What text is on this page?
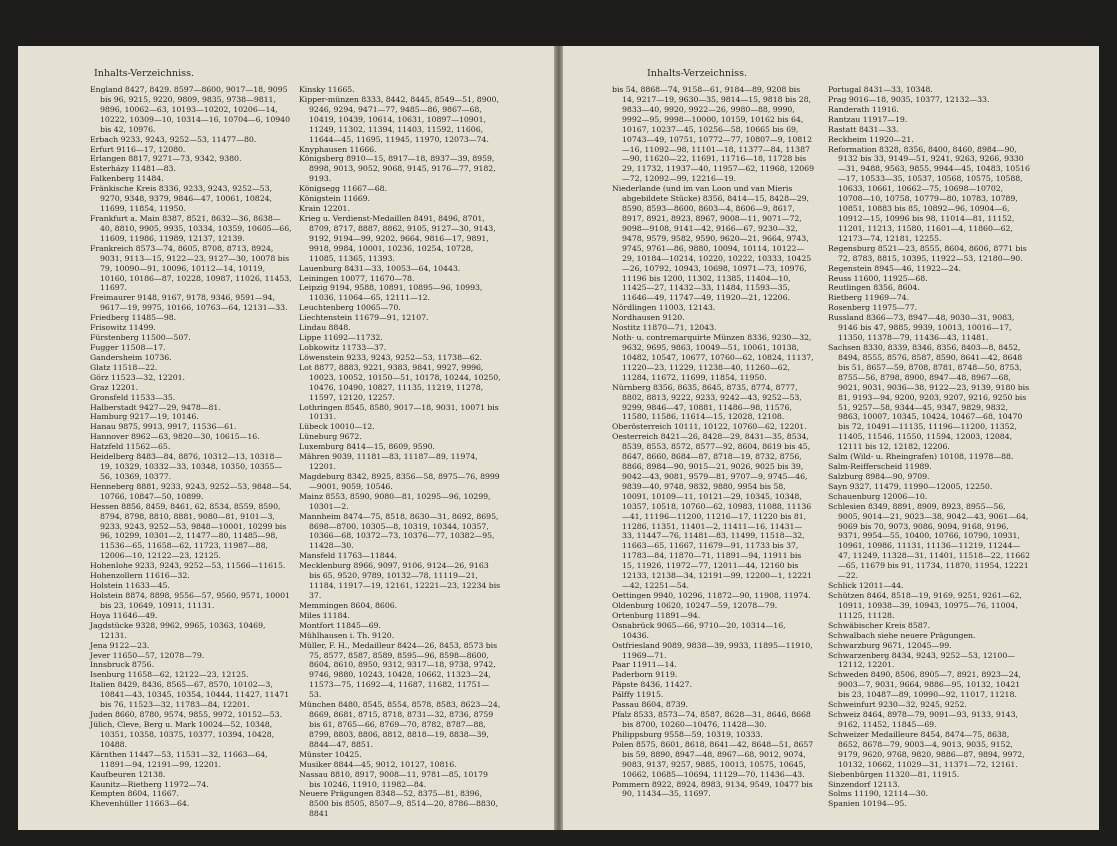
Inhalts-Verzeichniss.

England 8427, 8429. 8597—8600, 9017—18, 9095 bis 96, 9215, 9220, 9809, 9835, 9738—9811, 9896, 10062—63, 10193—10202, 10206—14, 10222, 10309—10, 10314—16, 10704—6, 10940 bis 42, 10976.

Erbach 9233, 9243, 9252—53, 11477—80.

Erfurt 9116—17, 12080.

Erlangen 8817, 9271—73, 9342, 9380.

Esterházy 11481—83.

Falkenberg 11484.

Fränkische Kreis 8336, 9233, 9243, 9252—53, 9270, 9348, 9379, 9846—47, 10061, 10824, 11699, 11854, 11950.

Frankfurt a. Main 8387, 8521, 8632—36, 8638—40, 8810, 9905, 9935, 10334, 10359, 10605—66, 11609, 11986, 11989, 12137, 12139.

Frankreich 8573—74, 8605, 8708, 8713, 8924, 9031, 9113—15, 9122—23, 9127—30, 10078 bis 79, 10090—91, 10096, 10112—14, 10119, 10160, 10186—87, 10228, 10987, 11026, 11453, 11697.

Freimaurer 9148, 9167, 9178, 9346, 9591—94, 9617—19, 9975, 10166, 10763—64, 12131—33.

Friedberg 11485—98.

Frisowitz 11499.

Fürstenberg 11500—507.

Fugger 11508—17.

Gandersheim 10736.

Glatz 11518—22.

Görz 11523—32, 12201.

Graz 12201.

Gronsfeld 11533—35.

Halberstadt 9427—29, 9478—81.

Hamburg 9217—19, 10146.

Hanau 9875, 9913, 9917, 11536—61.

Hannover 8962—63, 9820—30, 10615—16.

Hatzfeld 11562—65.

Heidelberg 8483—84, 8876, 10312—13, 10318—19, 10329, 10332—33, 10348, 10350, 10355—56, 10369, 10377.

Henneberg 8881, 9233, 9243, 9252—53, 9848—54, 10766, 10847—50, 10899.

Hessen 8856, 8459, 8461, 62, 8534, 8559, 8590, 8794, 8798, 8810, 8881, 9080—81, 9101—3, 9233, 9243, 9252—53, 9848—10001, 10299 bis 96, 10299, 10301—2, 11477—80, 11485—98, 11536—65, 11658—62, 11723, 11987—88, 12006—10, 12122—23, 12125.

Hohenlohe 9233, 9243, 9252—53, 11566—11615.

Hohenzollern 11616—32.

Holstein 11633—45.

Holstein 8874, 8898, 9556—57, 9560, 9571, 10001 bis 23, 10649, 10911, 11131.

Hoya 11646—49.

Jagdstücke 9328, 9962, 9965, 10363, 10469, 12131.

Jena 9122—23.

Jever 11650—57, 12078—79.

Innsbruck 8756.

Isenburg 11658—62, 12122—23, 12125.

Italien 8429, 8436, 8565—67, 8570, 10102—3, 10841—43, 10345, 10354, 10444, 11427, 11471 bis 76, 11523—32, 11783—84, 12201.

Juden 8660, 8780, 9574, 9855, 9972, 10152—53.

Jülich, Cleve, Berg u. Mark 10024—52, 10348, 10351, 10358, 10375, 10377, 10394, 10428, 10488.

Kärnthen 11447—53, 11531—32, 11663—64, 11891—94, 12191—99, 12201.

Kaufbeuren 12138.

Kaunitz—Rietberg 11972—74.

Kempten 8604, 11667.

Khevenhüller 11663—64.

Kinsky 11665.

Kipper-münzen 8333, 8442, 8445, 8549—51, 8900, 9246, 9294, 9471—77, 9485—86, 9867—68, 10419, 10439, 10614, 10631, 10897—10901, 11249, 11302, 11394, 11403, 11592, 11606, 11644—45, 11695, 11945, 11970, 12073—74.

Knyphausen 11666.

Königsberg 8910—15, 8917—18, 8937—39, 8959, 8998, 9013, 9052, 9068, 9145, 9176—77, 9182, 9193.

Königsegg 11667—68.

Königstein 11669.

Krain 12201.

Krieg u. Verdienst-Medaillen 8491, 8496, 8701, 8709, 8717, 8887, 8862, 9105, 9127—30, 9143, 9192, 9194—99, 9202, 9664, 9816—17, 9891, 9918, 9984, 10001, 10236, 10254, 10728, 11085, 11365, 11393.

Lauenburg 8431—33, 10053—64, 10443.

Leiningen 10077, 11670—78.

Leipzig 9194, 9588, 10891, 10895—96, 10993, 11036, 11064—65, 12111—12.

Leuchtenberg 10065—70.

Liechtenstein 11679—91, 12107.

Lindau 8848.

Lippe 11692—11732.

Lobkowitz 11733—37.

Löwenstein 9233, 9243, 9252—53, 11738—62.

Lot 8877, 8883, 9221, 9383, 9841, 9927, 9996, 10023, 10052, 10150—51, 10178, 10244, 10250, 10476, 10490, 10827, 11135, 11219, 11278, 11597, 12120, 12257.

Lothringen 8545, 8580, 9017—18, 9031, 10071 bis 10131.

Lübeck 10010—12.

Lüneburg 9672.

Luxemburg 8414—15, 8609, 9590.

Mähren 9039, 11181—83, 11187—89, 11974, 12201.

Magdeburg 8342, 8925, 8356—58, 8975—76, 8999—9001, 9059, 10546.

Mainz 8553, 8590, 9080—81, 10295—96, 10299, 10301—2.

Mannheim 8474—75, 8518, 8630—31, 8692, 8695, 8698—8700, 10305—8, 10319, 10344, 10357, 10366—68, 10372—73, 10376—77, 10382—95, 11428—30.

Mansfeld 11763—11844.

Mecklenburg 8966, 9097, 9106, 9124—26, 9163 bis 65, 9520, 9789, 10132—78, 11119—21, 11184, 11917—19, 12161, 12221—23, 12234 bis 37.

Memmingen 8604, 8606.

Miles 11184.

Montfort 11845—69.

Mühlhausen i. Th. 9120.

Müller, F. H., Medailleur 8424—26, 8453, 8573 bis 75, 8577, 8587, 8589, 8595—96, 8598—8600, 8604, 8610, 8950, 9312, 9317—18, 9738, 9742, 9746, 9880, 10243, 10428, 10662, 11323—24, 11573—75, 11692—4, 11687, 11682, 11751—53.

München 8480, 8545, 8554, 8578, 8583, 8623—24, 8669, 8681, 8715, 8718, 8731—32, 8736, 8759 bis 61, 8765—66, 8769—70, 8782, 8787—88, 8799, 8803, 8806, 8812, 8818—19, 8838—39, 8844—47, 8851.

Münster 10425.

Musiker 8844—45, 9012, 10127, 10816.

Nassau 8810, 8917, 9008—11, 9781—85, 10179 bis 10246, 11910, 11982—84.

Neuere Prägungen 8348—52, 8375—81, 8396, 8500 bis 8505, 8507—9, 8514—20, 8786—8830, 8841

Inhalts-Verzeichniss.

bis 54, 8868—74, 9158—61, 9184—89, 9208 bis 14, 9217—19, 9630—35, 9814—15, 9818 bis 28, 9833—40, 9920, 9922—26, 9980—88, 9990, 9992—95, 9998—10000, 10159, 10162 bis 64, 10167, 10237—45, 10256—58, 10665 bis 69, 10743—49, 10751, 10772—77, 10807—9, 10812—16, 11092—98, 11101—18, 11377—84, 11387—90, 11620—22, 11691, 11716—18, 11728 bis 29, 11732, 11937—40, 11957—62, 11968, 12069—72, 12092—99, 12216—19.

Niederlande (und im van Loon und van Mieris abgebildete Stücke) 8356, 8414—15, 8428—29, 8590, 8593—8600, 8603—4, 8606—9, 8617, 8917, 8921, 8923, 8967, 9008—11, 9071—72, 9098—9108, 9141—42, 9166—67, 9230—32, 9478, 9579, 9582, 9590, 9620—21, 9664, 9743, 9745, 9761—86, 9880, 10094, 10114, 10122—29, 10184—10214, 10220, 10222, 10333, 10425—26, 10792, 10943, 10698, 10971—73, 10976, 11196 bis 1200, 11302, 11385, 11404—10, 11425—27, 11432—33, 11484, 11593—35, 11646—49, 11747—49, 11920—21, 12206.

Nördlingen 11003, 12143.

Nordhausen 9120.

Nostitz 11870—71, 12043.

Noth- u. contremarquirte Münzen 8336, 9230—32, 9632, 9695, 9863, 10049—51, 10061, 10138, 10482, 10547, 10677, 10760—62, 10824, 11137, 11220—23, 11229, 11238—40, 11260—62, 11284, 11672, 11699, 11854, 11950.

Nürnberg 8356, 8635, 8645, 8735, 8774, 8777, 8802, 8813, 9222, 9233, 9242—43, 9252—53, 9299, 9846—47, 10881, 11486—98, 11576, 11580, 11586, 11614—15, 12028, 12108.

Oberösterreich 10111, 10122, 10760—62, 12201.

Oesterreich 8421—26, 8428—29, 8431—35, 8534, 8539, 8553, 8572, 8577—92, 8604, 8619 bis 45, 8647, 8660, 8684—87, 8718—19, 8732, 8756, 8866, 8984—90, 9015—21, 9026, 9025 bis 39, 9042—43, 9081, 9579—81, 9707—9, 9745—46, 9839—40, 9748, 9832, 9880, 9954 bis 58, 10091, 10109—11, 10121—29, 10345, 10348, 10357, 10518, 10760—62, 10983, 11088, 11136—41, 11196—11200, 11216—17, 11220 bis 81, 11286, 11351, 11401—2, 11411—16, 11431—33, 11447—76, 11481—83, 11499, 11518—32, 11663—65, 11667, 11679—91, 11733 bis 37, 11783—84, 11870—71, 11891—94, 11911 bis 15, 11926, 11972—77, 12011—44, 12160 bis 12133, 12138—34, 12191—99, 12200—1, 12221—42, 12251—54.

Oettingen 9940, 10296, 11872—90, 11908, 11974.

Oldenburg 10620, 10247—59, 12078—79.

Ortenburg 11891—94.

Osnabrück 9065—66, 9710—20, 10314—16, 10436.

Ostfriesland 9089, 9838—39, 9933, 11895—11910, 11969—71.

Paar 11911—14.

Paderborn 9119.

Päpste 8436, 11427.

Pálffy 11915.

Passau 8604, 8739.

Pfalz 8533, 8573—74, 8587, 8628—31, 8646, 8668 bis 8700, 10260—10476, 11428—30.

Philippsburg 9558—59, 10319, 10333.

Polen 8575, 8601, 8618, 8641—42, 8648—51, 8657 bis 59, 8890, 8947—48, 8967—68, 9012, 9074, 9083, 9137, 9257, 9885, 10013, 10575, 10645, 10662, 10685—10694, 11129—70, 11436—43.

Pommern 8922, 8924, 8983, 9134, 9549, 10477 bis 90, 11434—35, 11697.

Portugal 8431—33, 10348.

Prag 9016—18, 9035, 10377, 12132—33.

Randerath 11916.

Rantzau 11917—19.

Rastatt 8431—33.

Reckheim 11920—21.

Reformation 8328, 8356, 8400, 8460, 8984—90, 9132 bis 33, 9149—51, 9241, 9263, 9266, 9330—31, 9488, 9563, 9855, 9944—45, 10483, 10516—17, 10533—35, 10537, 10568, 10575, 10588, 10633, 10661, 10662—75, 10698—10702, 10708—10, 10758, 10779—80, 10783, 10789, 10851, 10883 bis 85, 10892—96, 10904—6, 10912—15, 10996 bis 98, 11014—81, 11152, 11201, 11213, 11580, 11601—4, 11860—62, 12173—74, 12181, 12255.

Regensburg 8521—23, 8555, 8604, 8606, 8771 bis 72, 8783, 8815, 10395, 11922—53, 12180—90.

Regenstein 8945—46, 11922—24.

Reuss 11600, 11925—68.

Reutlingen 8356, 8604.

Rietberg 11969—74.

Rosenberg 11975—77.

Russland 8366—73, 8947—48, 9030—31, 9083, 9146 bis 47, 9885, 9939, 10013, 10016—17, 11350, 11378—79, 11436—43, 11481.

Sachsen 8330, 8339, 8346, 8356, 8403—8, 8452, 8494, 8555, 8576, 8587, 8590, 8641—42, 8648 bis 51, 8657—59, 8708, 8781, 8748—50, 8753, 8755—56, 8798, 8900, 8947—48, 8967—68, 9021, 9031, 9036—38, 9122—23, 9139, 9180 bis 81, 9193—94, 9200, 9203, 9207, 9216, 9250 bis 51, 9257—58, 9344—45, 9347, 9829, 9832, 9863, 10007, 10345, 10424, 10467—68, 10470 bis 72, 10491—11135, 11196—11200, 11352, 11405, 11546, 11550, 11594, 12003, 12084, 12111 bis 12, 12182, 12206.

Salm (Wild- u. Rheingrafen) 10108, 11978—88.

Salm-Reifferscheid 11989.

Salzburg 8984—90, 9709.

Sayn 9327, 11479, 11990—12005, 12250.

Schauenburg 12006—10.

Schlesien 8349, 8891, 8909, 8923, 8955—56, 9005, 9014—21, 9023—38, 9042—43, 9061—64, 9069 bis 70, 9073, 9086, 9094, 9168, 9196, 9371, 9954—55, 10400, 10766, 10790, 10931, 10961, 10986, 11131, 11136—11219, 11244—47, 11249, 11328—31, 11401, 11518—22, 11662—65, 11679 bis 91, 11734, 11870, 11954, 12221—22.

Schlick 12011—44.

Schützen 8464, 8518—19, 9169, 9251, 9261—62, 10911, 10938—39, 10943, 10975—76, 11004, 11125, 11128.

Schwäbischer Kreis 8587.

Schwalbach siehe neuere Prägungen.

Schwarzburg 9671, 12045—99.

Schwarzenberg 8434, 9243, 9252—53, 12100—12112, 12201.

Schweden 8490, 8506, 8905—7, 8921, 8923—24, 9003—7, 9031, 9664, 9886—95, 10132, 10421 bis 23, 10487—89, 10990—92, 11017, 11218.

Schweinfurt 9230—32, 9245, 9252.

Schweiz 8464, 8978—79, 9091—93, 9133, 9143, 9162, 11452, 11845—69.

Schweizer Medailleure 8454, 8474—75, 8638, 8652, 8678—79, 9003—4, 9013, 9035, 9152, 9179, 9620, 9768, 9820, 9886—87, 9894, 9972, 10132, 10662, 11029—31, 11371—72, 12161.

Siebenbürgen 11320—81, 11915.

Sinzendorf 12113.

Solms 11190, 12114—30.

Spanien 10194—95.
